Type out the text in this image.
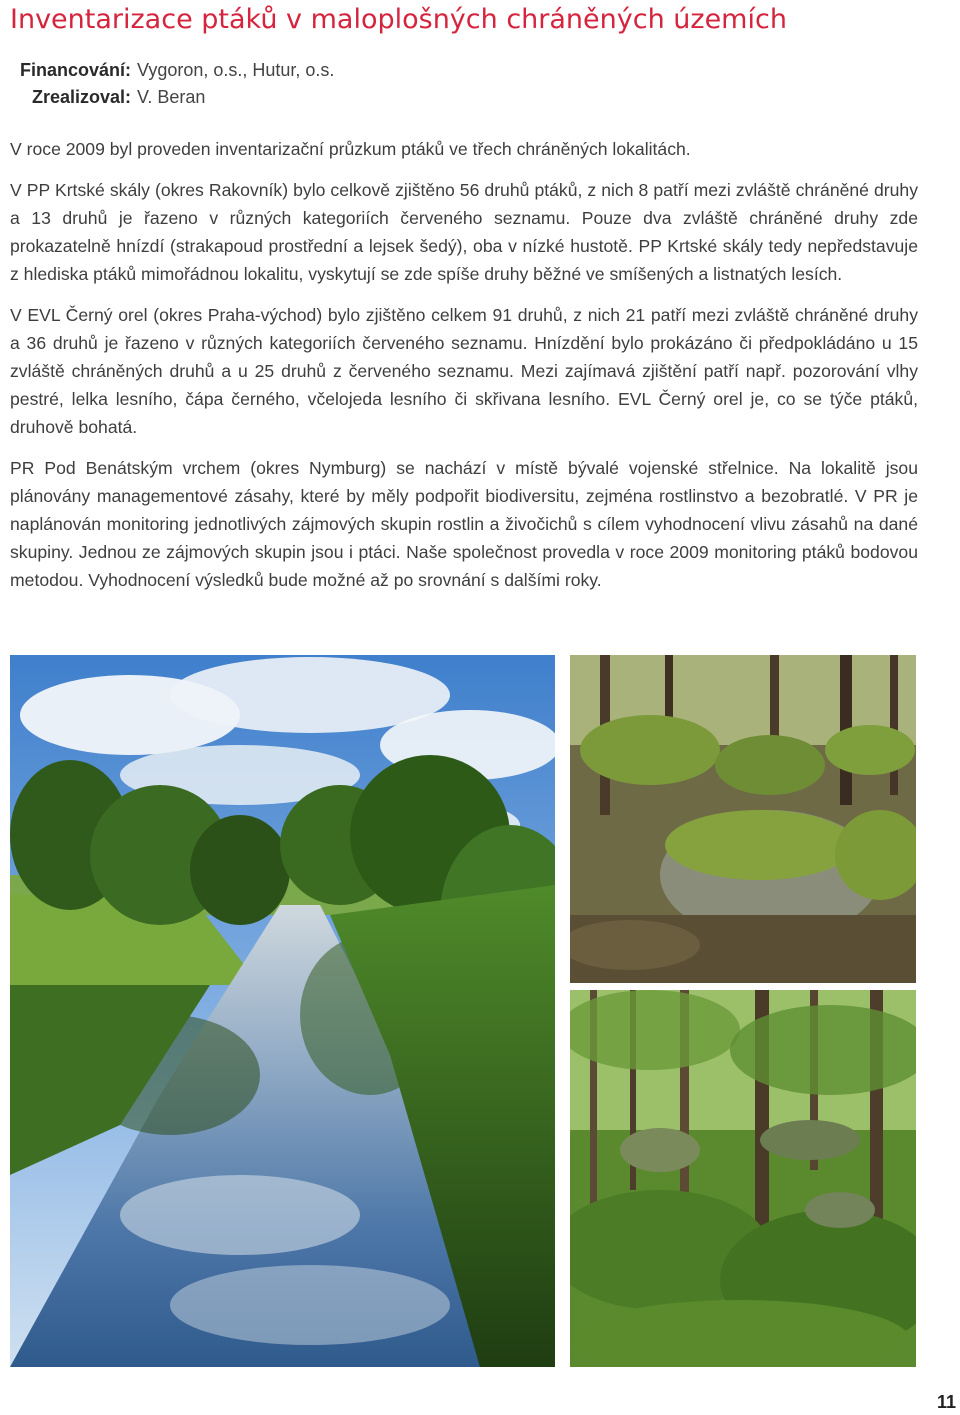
Inventarizace ptáků v maloplošných chráněných územích
Financování: Vygoron, o.s., Hutur, o.s.
Zrealizoval: V. Beran

V roce 2009 byl proveden inventarizační průzkum ptáků ve třech chráněných lokalitách.

V PP Krtské skály (okres Rakovník) bylo celkově zjištěno 56 druhů ptáků, z nich 8 patří mezi zvláště chráněné druhy a 13 druhů je řazeno v různých kategoriích červeného seznamu. Pouze dva zvláště chráněné druhy zde prokazatelně hnízdí (strakapoud prostřední a lejsek šedý), oba v nízké hustotě. PP Krtské skály tedy nepředstavuje z hlediska ptáků mimořádnou lokalitu, vyskytují se zde spíše druhy běžné ve smíšených a listnatých lesích.

V EVL Černý orel (okres Praha-východ) bylo zjištěno celkem 91 druhů, z nich 21 patří mezi zvláště chráněné druhy a 36 druhů je řazeno v různých kategoriích červeného seznamu. Hnízdění bylo prokázáno či předpokládáno u 15 zvláště chráněných druhů a u 25 druhů z červeného seznamu. Mezi zajímavá zjištění patří např. pozorování vlhy pestré, lelka lesního, čápa černého, včelojeda lesního či skřivana lesního. EVL Černý orel je, co se týče ptáků, druhově bohatá.

PR Pod Benátským vrchem (okres Nymburg) se nachází v místě bývalé vojenské střelnice. Na lokalitě jsou plánovány managementové zásahy, které by měly podpořit biodiversitu, zejména rostlinstvo a bezobratlé. V PR je naplánován monitoring jednotlivých zájmových skupin rostlin a živočichů s cílem vyhodnocení vlivu zásahů na dané skupiny. Jednou ze zájmových skupin jsou i ptáci. Naše společnost provedla v roce 2009 monitoring ptáků bodovou metodou. Vyhodnocení výsledků bude možné až po srovnání s dalšími roky.

11
